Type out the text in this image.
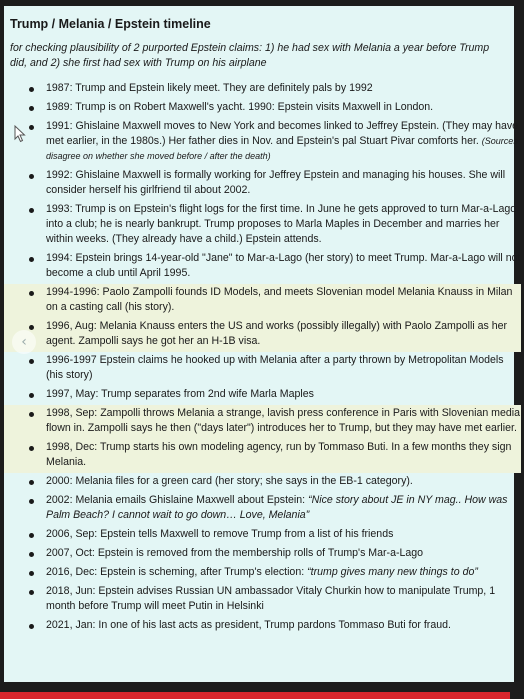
Trump / Melania / Epstein timeline
for checking plausibility of 2 purported Epstein claims: 1) he had sex with Melania a year before Trump did, and 2) she first had sex with Trump on his airplane
1987: Trump and Epstein likely meet. They are definitely pals by 1992
1989: Trump is on Robert Maxwell's yacht. 1990: Epstein visits Maxwell in London.
1991: Ghislaine Maxwell moves to New York and becomes linked to Jeffrey Epstein. (They may have met earlier, in the 1980s.) Her father dies in Nov. and Epstein's pal Stuart Pivar comforts her. (Sources disagree on whether she moved before / after the death)
1992: Ghislaine Maxwell is formally working for Jeffrey Epstein and managing his houses. She will consider herself his girlfriend til about 2002.
1993: Trump is on Epstein's flight logs for the first time. In June he gets approved to turn Mar-a-Lago into a club; he is nearly bankrupt. Trump proposes to Marla Maples in December and marries her within weeks. (They already have a child.) Epstein attends.
1994: Epstein brings 14-year-old "Jane" to Mar-a-Lago (her story) to meet Trump. Mar-a-Lago will not become a club until April 1995.
1994-1996: Paolo Zampolli founds ID Models, and meets Slovenian model Melania Knauss in Milan on a casting call (his story).
1996, Aug: Melania Knauss enters the US and works (possibly illegally) with Paolo Zampolli as her agent. Zampolli says he got her an H-1B visa.
1996-1997 Epstein claims he hooked up with Melania after a party thrown by Metropolitan Models (his story)
1997, May: Trump separates from 2nd wife Marla Maples
1998, Sep: Zampolli throws Melania a strange, lavish press conference in Paris with Slovenian media flown in. Zampolli says he then ("days later") introduces her to Trump, but they may have met earlier.
1998, Dec: Trump starts his own modeling agency, run by Tommaso Buti. In a few months they sign Melania.
2000: Melania files for a green card (her story; she says in the EB-1 category).
2002: Melania emails Ghislaine Maxwell about Epstein: “Nice story about JE in NY mag.. How was Palm Beach? I cannot wait to go down… Love, Melania”
2006, Sep: Epstein tells Maxwell to remove Trump from a list of his friends
2007, Oct: Epstein is removed from the membership rolls of Trump's Mar-a-Lago
2016, Dec: Epstein is scheming, after Trump's election: “trump gives many new things to do”
2018, Jun: Epstein advises Russian UN ambassador Vitaly Churkin how to manipulate Trump, 1 month before Trump will meet Putin in Helsinki
2021, Jan: In one of his last acts as president, Trump pardons Tommaso Buti for fraud.
‹
